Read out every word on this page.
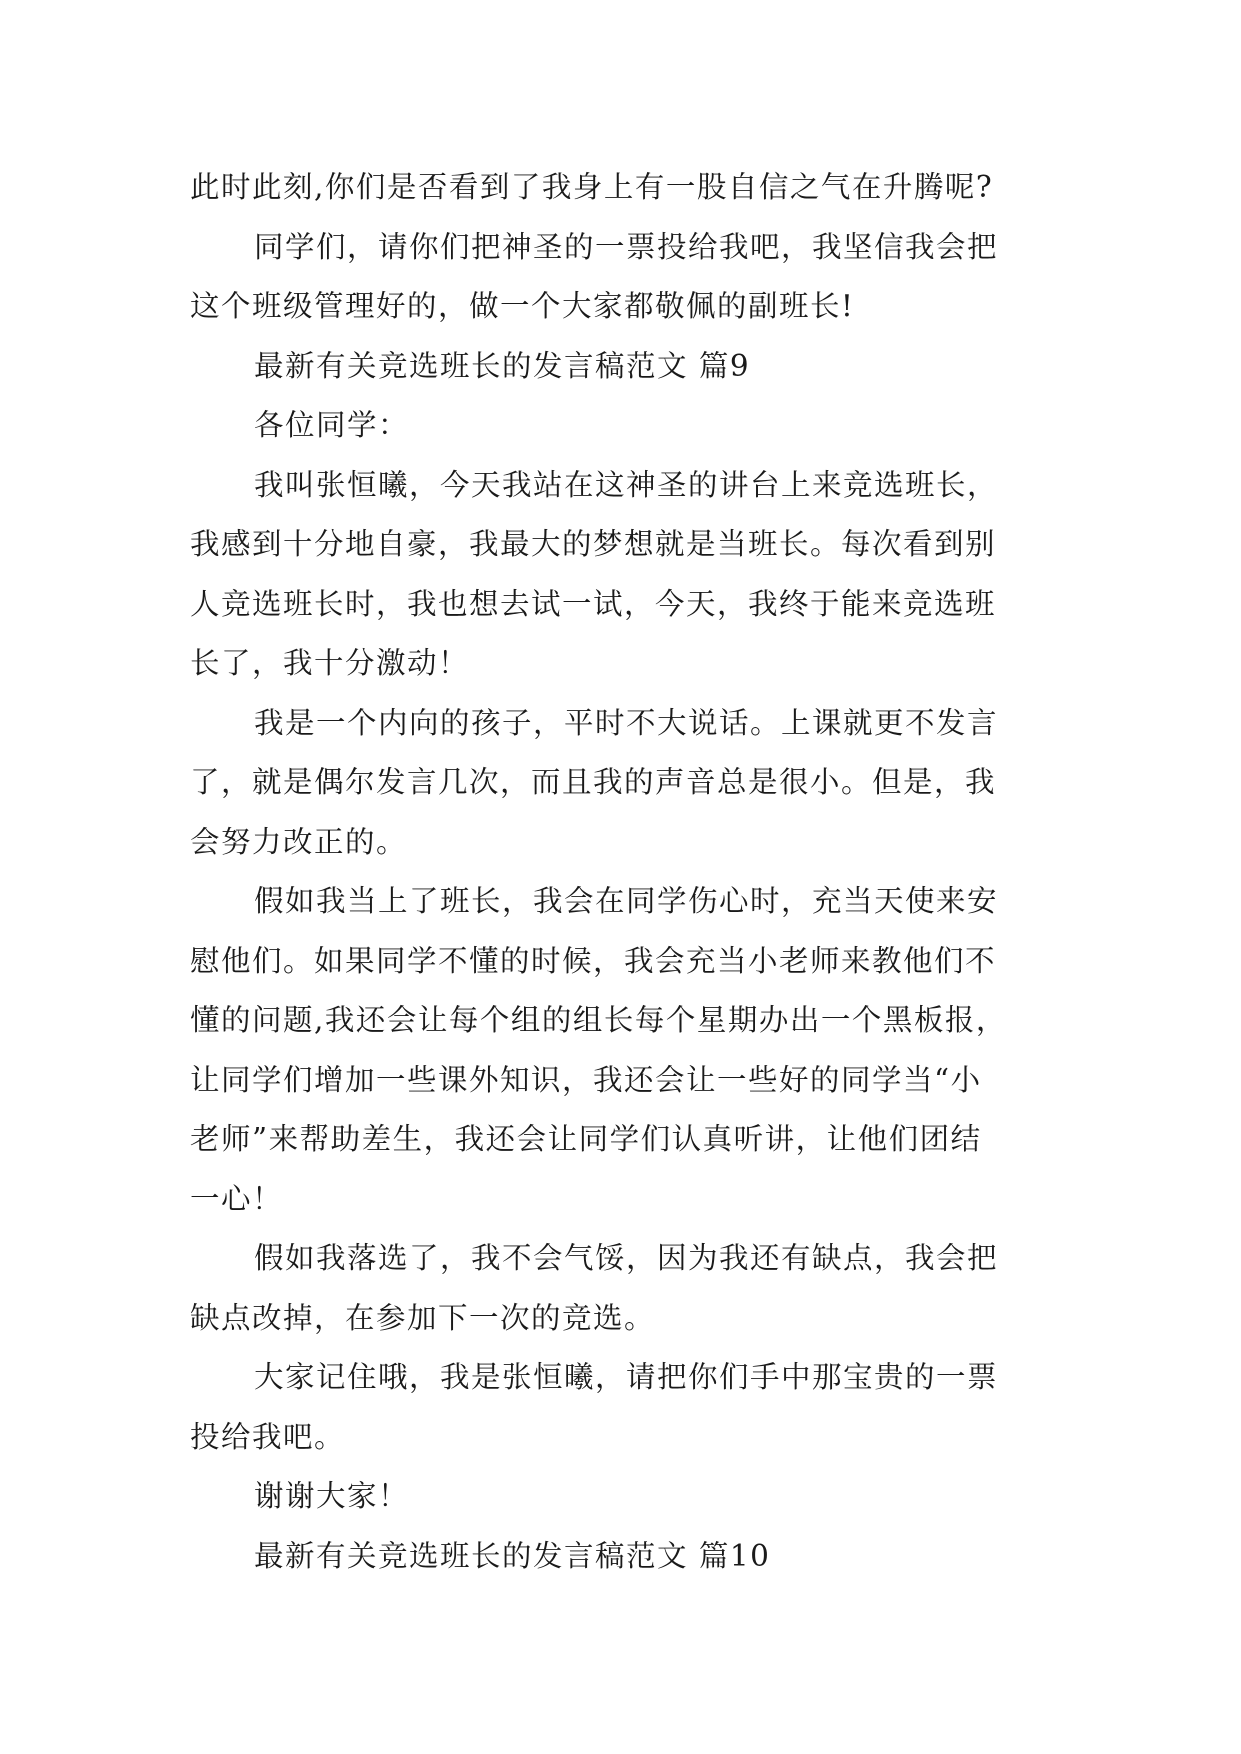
此时此刻,你们是否看到了我身上有一股自信之气在升腾呢?
同学们，请你们把神圣的一票投给我吧，我坚信我会把
这个班级管理好的，做一个大家都敬佩的副班长!
最新有关竞选班长的发言稿范文 篇9
各位同学：
我叫张恒曦，今天我站在这神圣的讲台上来竞选班长，
我感到十分地自豪，我最大的梦想就是当班长。每次看到别
人竞选班长时，我也想去试一试，今天，我终于能来竞选班
长了，我十分激动！
我是一个内向的孩子，平时不大说话。上课就更不发言
了，就是偶尔发言几次，而且我的声音总是很小。但是，我
会努力改正的。
假如我当上了班长，我会在同学伤心时，充当天使来安
慰他们。如果同学不懂的时候，我会充当小老师来教他们不
懂的问题,我还会让每个组的组长每个星期办出一个黑板报，
让同学们增加一些课外知识，我还会让一些好的同学当“小
老师”来帮助差生，我还会让同学们认真听讲，让他们团结
一心！
假如我落选了，我不会气馁，因为我还有缺点，我会把
缺点改掉，在参加下一次的竞选。
大家记住哦，我是张恒曦，请把你们手中那宝贵的一票
投给我吧。
谢谢大家！
最新有关竞选班长的发言稿范文 篇10
